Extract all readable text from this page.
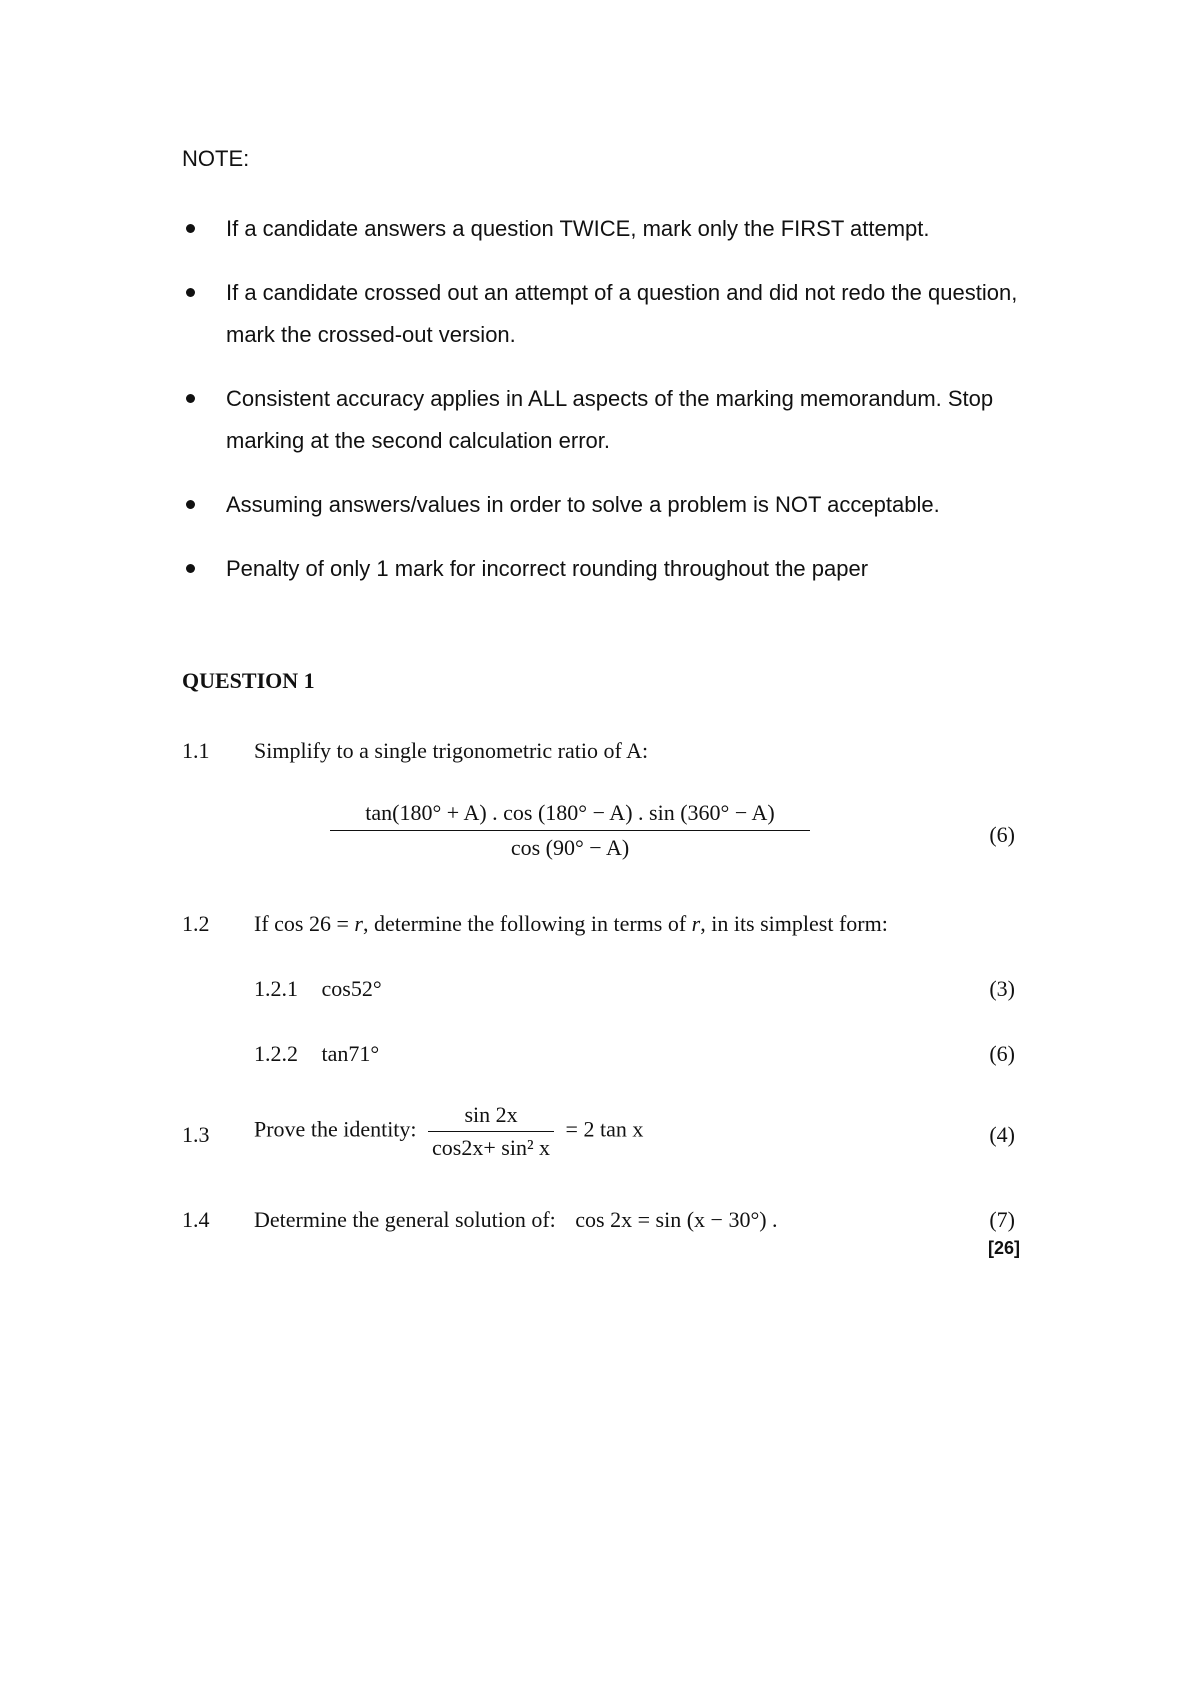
NOTE:
If a candidate answers a question TWICE, mark only the FIRST attempt.
If a candidate crossed out an attempt of a question and did not redo the question, mark the crossed-out version.
Consistent accuracy applies in ALL aspects of the marking memorandum. Stop marking at the second calculation error.
Assuming answers/values in order to solve a problem is NOT acceptable.
Penalty of only 1 mark for incorrect rounding throughout the paper
QUESTION 1
1.1 Simplify to a single trigonometric ratio of A:
tan(180° + A) . cos (180° − A) . sin (360° − A)
cos (90° − A)
(6)
1.2 If cos 26 = r, determine the following in terms of r, in its simplest form:
1.2.1 cos52°	(3)
1.2.2 tan71°	(6)
1.3 Prove the identity: $\frac{\sin 2x}{\text{cos2x+ sin² x}} = 2$ tan x	(4)
1.4 Determine the general solution of: cos 2x = sin (x − 30°) .	(7)
[26]
